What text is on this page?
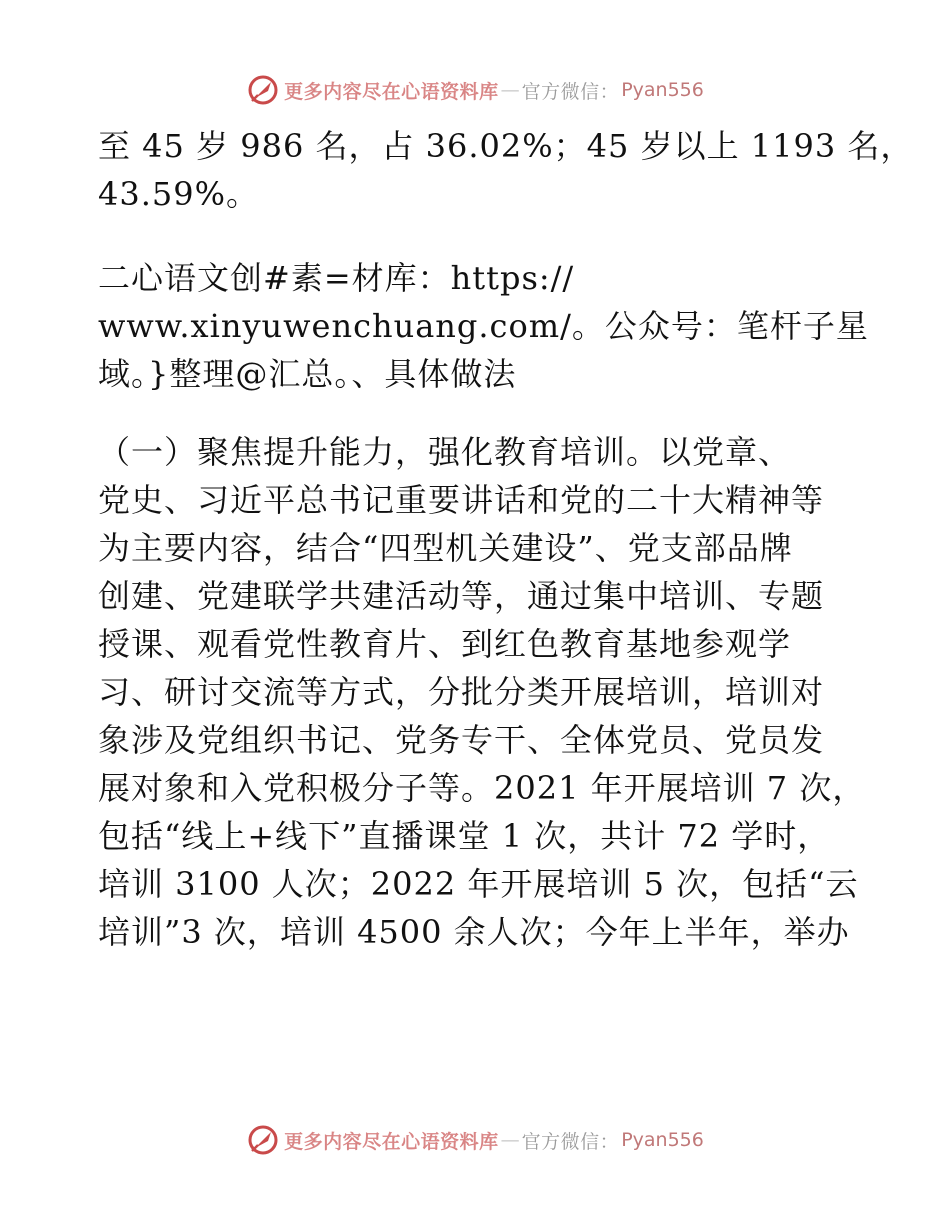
更多内容尽在心语资料库 — 官方微信： Pyan556
至 45 岁 986 名，占 36.02%；45 岁以上 1193 名，
43.59%。
二心语文创#素=材库：https://
www.xinyuwenchuang.com/。公众号：笔杆子星
域。}整理@汇总。、具体做法
（一）聚焦提升能力，强化教育培训。以党章、
党史、习近平总书记重要讲话和党的二十大精神等
为主要内容，结合“四型机关建设”、党支部品牌
创建、党建联学共建活动等，通过集中培训、专题
授课、观看党性教育片、到红色教育基地参观学
习、研讨交流等方式，分批分类开展培训，培训对
象涉及党组织书记、党务专干、全体党员、党员发
展对象和入党积极分子等。2021 年开展培训 7 次，
包括“线上+线下”直播课堂 1 次，共计 72 学时，
培训 3100 人次；2022 年开展培训 5 次，包括“云
培训”3 次，培训 4500 余人次；今年上半年，举办
更多内容尽在心语资料库 — 官方微信： Pyan556
